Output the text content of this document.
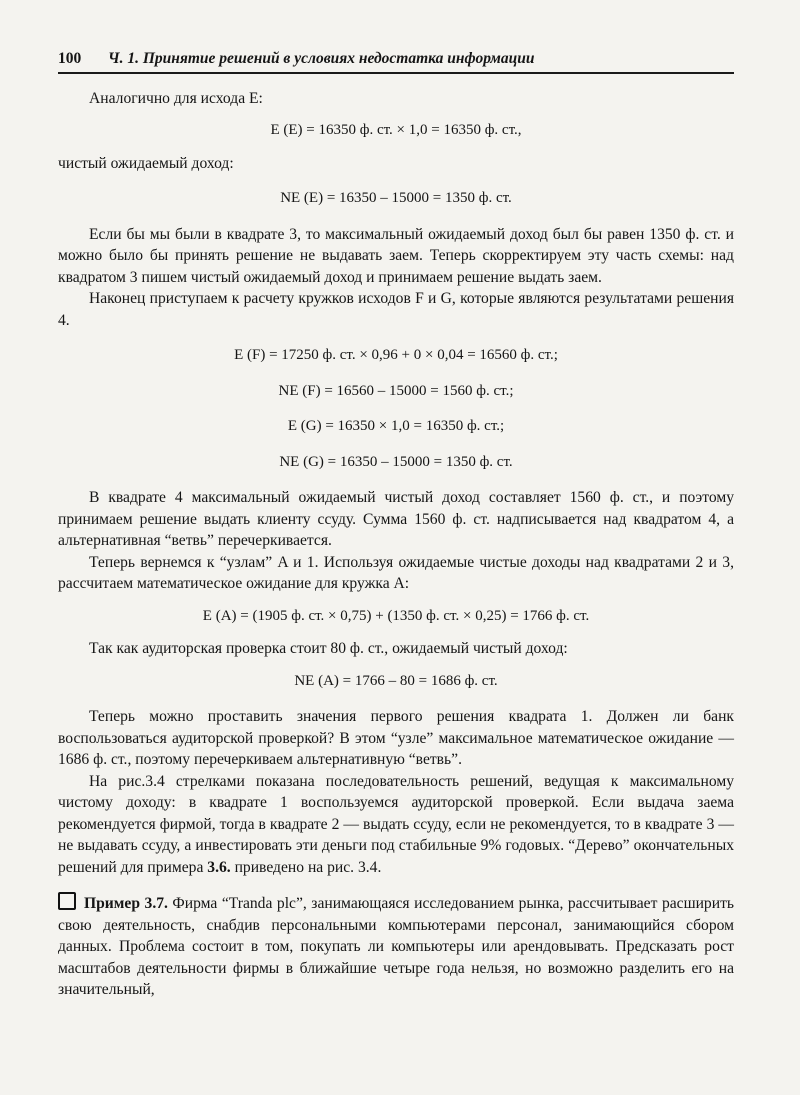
100	Ч. 1. Принятие решений в условиях недостатка информации

Аналогично для исхода E:

E (E) = 16350 ф. ст. × 1,0 = 16350 ф. ст.,

чистый ожидаемый доход:

NE (E) = 16350 – 15000 = 1350 ф. ст.

Если бы мы были в квадрате 3, то максимальный ожидаемый доход был бы равен 1350 ф. ст. и можно было бы принять решение не выдавать заем. Теперь скорректируем эту часть схемы: над квадратом 3 пишем чистый ожидаемый доход и принимаем решение выдать заем.

Наконец приступаем к расчету кружков исходов F и G, которые являются результатами решения 4.

E (F) = 17250 ф. ст. × 0,96 + 0 × 0,04 = 16560 ф. ст.;

NE (F) = 16560 – 15000 = 1560 ф. ст.;

E (G) = 16350 × 1,0 = 16350 ф. ст.;

NE (G) = 16350 – 15000 = 1350 ф. ст.

В квадрате 4 максимальный ожидаемый чистый доход составляет 1560 ф. ст., и поэтому принимаем решение выдать клиенту ссуду. Сумма 1560 ф. ст. надписывается над квадратом 4, а альтернативная “ветвь” перечеркивается.

Теперь вернемся к “узлам” A и 1. Используя ожидаемые чистые доходы над квадратами 2 и 3, рассчитаем математическое ожидание для кружка A:

E (A) = (1905 ф. ст. × 0,75) + (1350 ф. ст. × 0,25) = 1766 ф. ст.

Так как аудиторская проверка стоит 80 ф. ст., ожидаемый чистый доход:

NE (A) = 1766 – 80 = 1686 ф. ст.

Теперь можно проставить значения первого решения квадрата 1. Должен ли банк воспользоваться аудиторской проверкой? В этом “узле” максимальное математическое ожидание — 1686 ф. ст., поэтому перечеркиваем альтернативную “ветвь”.

На рис.3.4 стрелками показана последовательность решений, ведущая к максимальному чистому доходу: в квадрате 1 воспользуемся аудиторской проверкой. Если выдача заема рекомендуется фирмой, тогда в квадрате 2 — выдать ссуду, если не рекомендуется, то в квадрате 3 — не выдавать ссуду, а инвестировать эти деньги под стабильные 9% годовых. “Дерево” окончательных решений для примера 3.6. приведено на рис. 3.4.

Пример 3.7. Фирма “Tranda plc”, занимающаяся исследованием рынка, рассчитывает расширить свою деятельность, снабдив персональными компьютерами персонал, занимающийся сбором данных. Проблема состоит в том, покупать ли компьютеры или арендовывать. Предсказать рост масштабов деятельности фирмы в ближайшие четыре года нельзя, но возможно разделить его на значительный,
